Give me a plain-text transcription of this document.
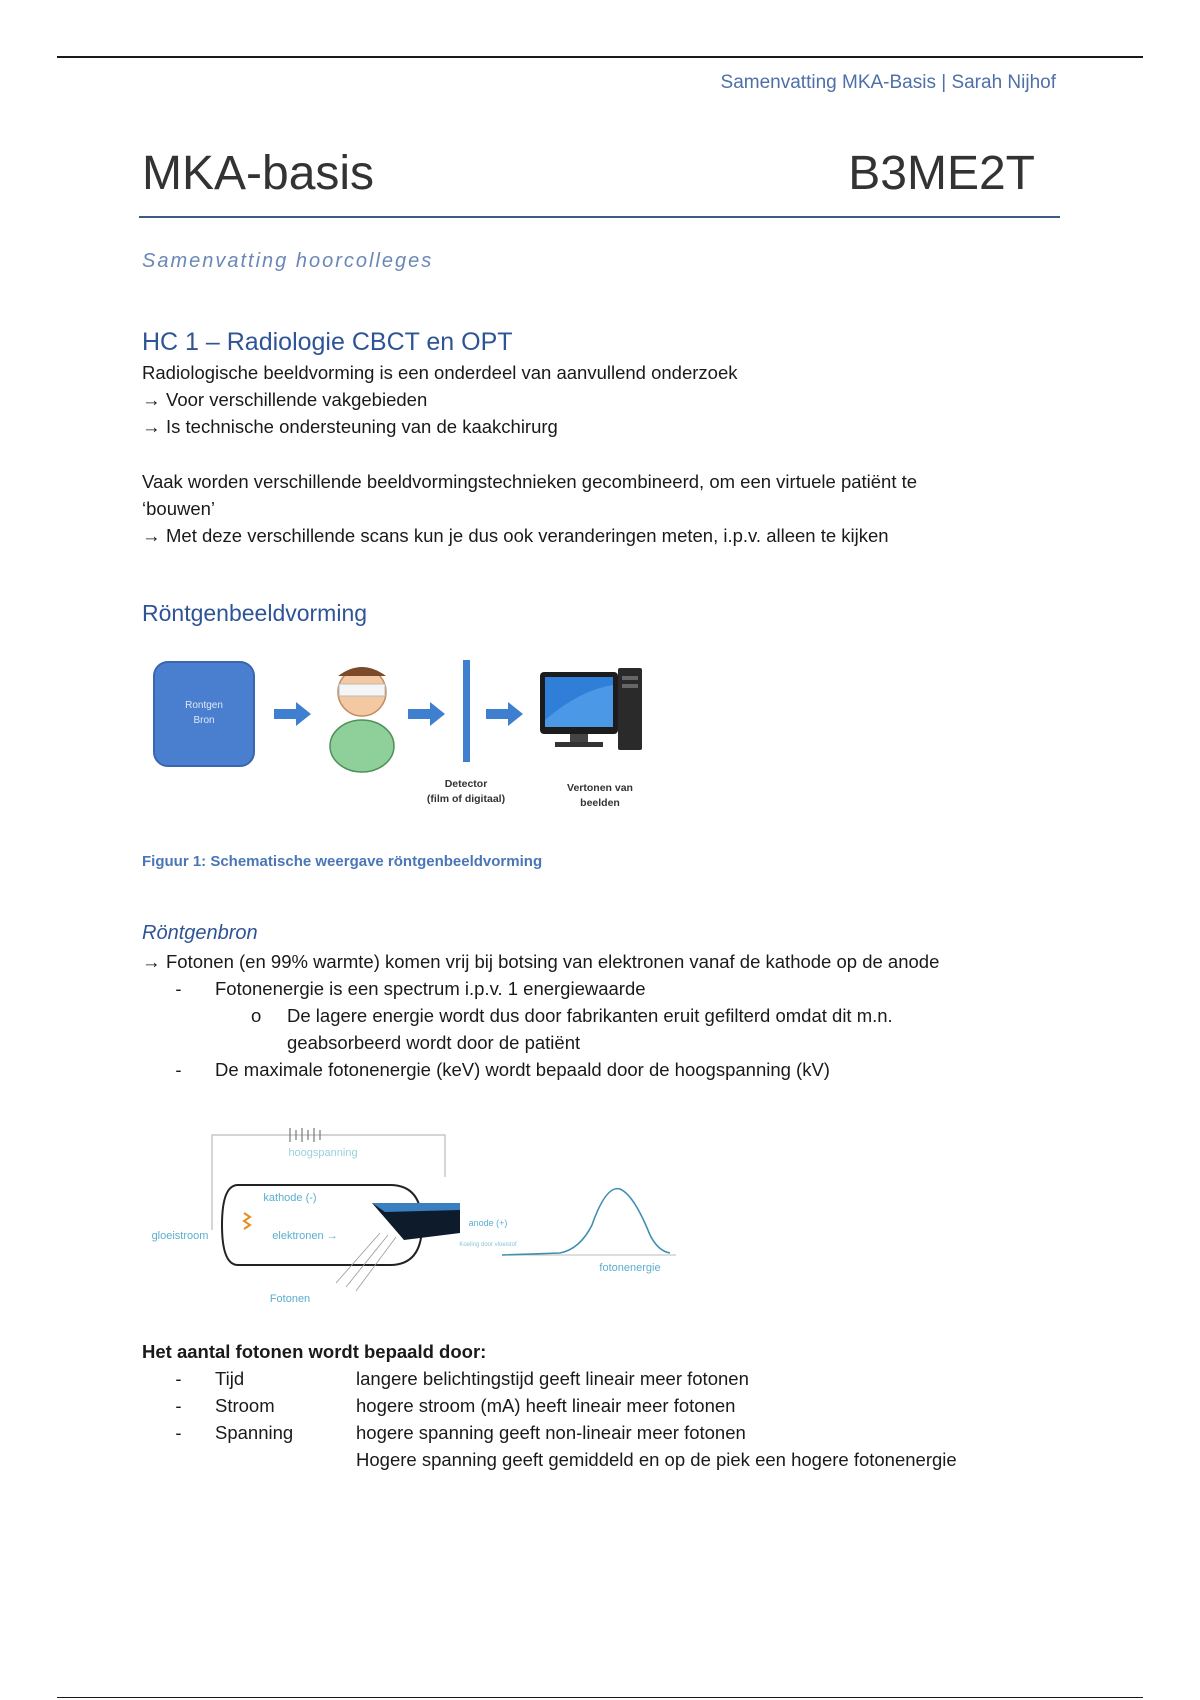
Samenvatting MKA-Basis | Sarah Nijhof
MKA-basis	B3ME2T
Samenvatting hoorcolleges
HC 1 – Radiologie CBCT en OPT

Radiologische beeldvorming is een onderdeel van aanvullend onderzoek

→ Voor verschillende vakgebieden

→ Is technische ondersteuning van de kaakchirurg

Vaak worden verschillende beeldvormingstechnieken gecombineerd, om een virtuele patiënt te

‘bouwen’

→ Met deze verschillende scans kun je dus ook veranderingen meten, i.p.v. alleen te kijken

Röntgenbeeldvorming
Rontgen
Bron
Detector
(film of digitaal)
Vertonen van
beelden
Figuur 1: Schematische weergave röntgenbeeldvorming
Röntgenbron

→ Fotonen (en 99% warmte) komen vrij bij botsing van elektronen vanaf de kathode op de anode

- Fotonenergie is een spectrum i.p.v. 1 energiewaarde

o De lagere energie wordt dus door fabrikanten eruit gefilterd omdat dit m.n.

geabsorbeerd wordt door de patiënt

- De maximale fotonenergie (keV) wordt bepaald door de hoogspanning (kV)

hoogspanning
kathode (-)
gloeistroom	elektronen →
anode (+)
Koeling door vloeistof
Fotonen
fotonenergie

Het aantal fotonen wordt bepaald door:

- Tijd	langere belichtingstijd geeft lineair meer fotonen
- Stroom	hogere stroom (mA) heeft lineair meer fotonen
- Spanning	hogere spanning geeft non-lineair meer fotonen
Hogere spanning geeft gemiddeld en op de piek een hogere fotonenergie
